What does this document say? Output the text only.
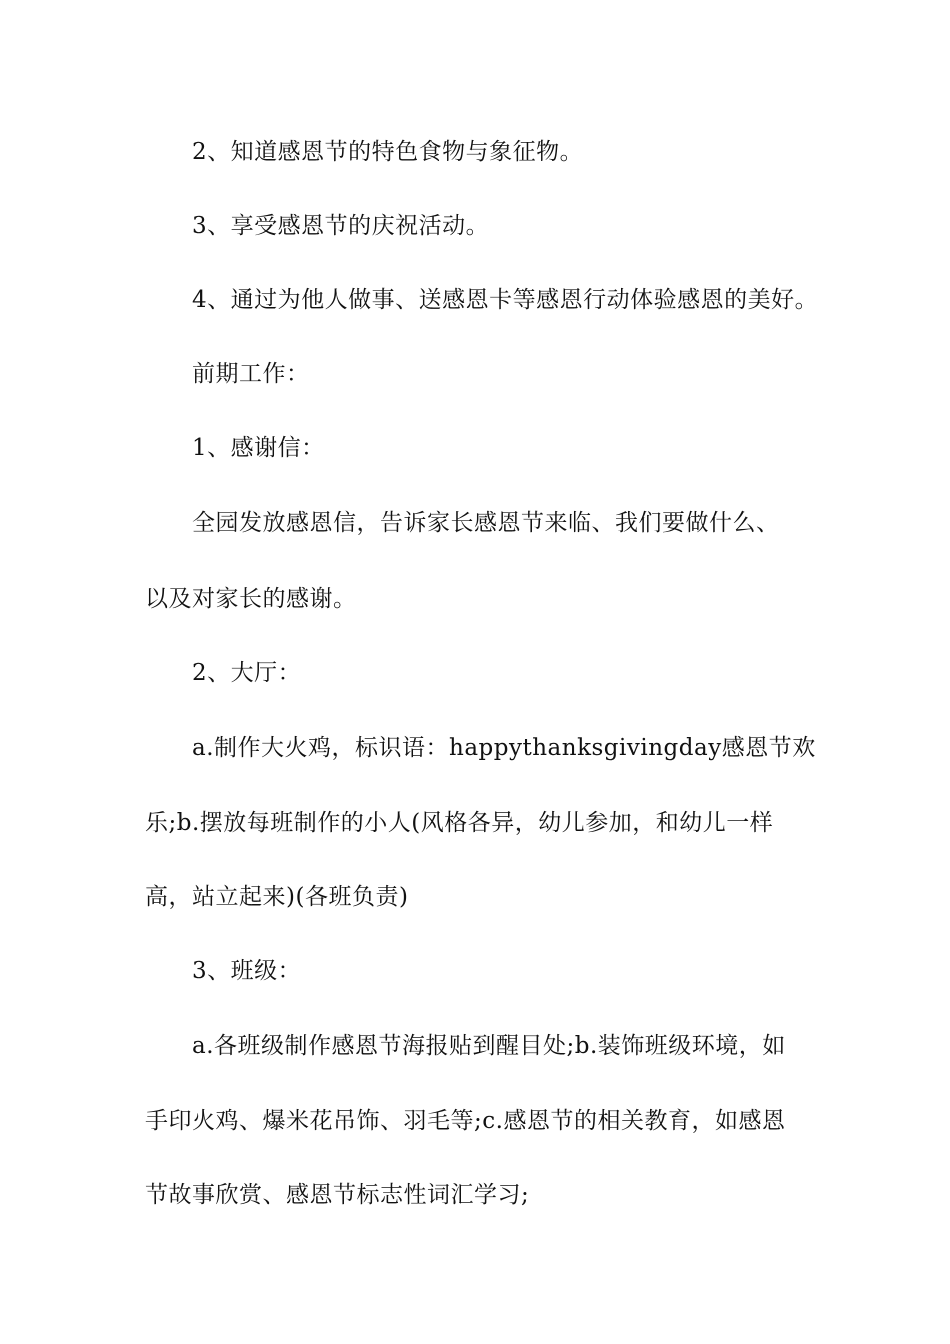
2、知道感恩节的特色食物与象征物。

3、享受感恩节的庆祝活动。

4、通过为他人做事、送感恩卡等感恩行动体验感恩的美好。

前期工作：

1、感谢信：

全园发放感恩信，告诉家长感恩节来临、我们要做什么、

以及对家长的感谢。

2、大厅：

a.制作大火鸡，标识语：happythanksgivingday感恩节欢

乐;b.摆放每班制作的小人(风格各异，幼儿参加，和幼儿一样

高，站立起来)(各班负责)

3、班级：

a.各班级制作感恩节海报贴到醒目处;b.装饰班级环境，如

手印火鸡、爆米花吊饰、羽毛等;c.感恩节的相关教育，如感恩

节故事欣赏、感恩节标志性词汇学习;
